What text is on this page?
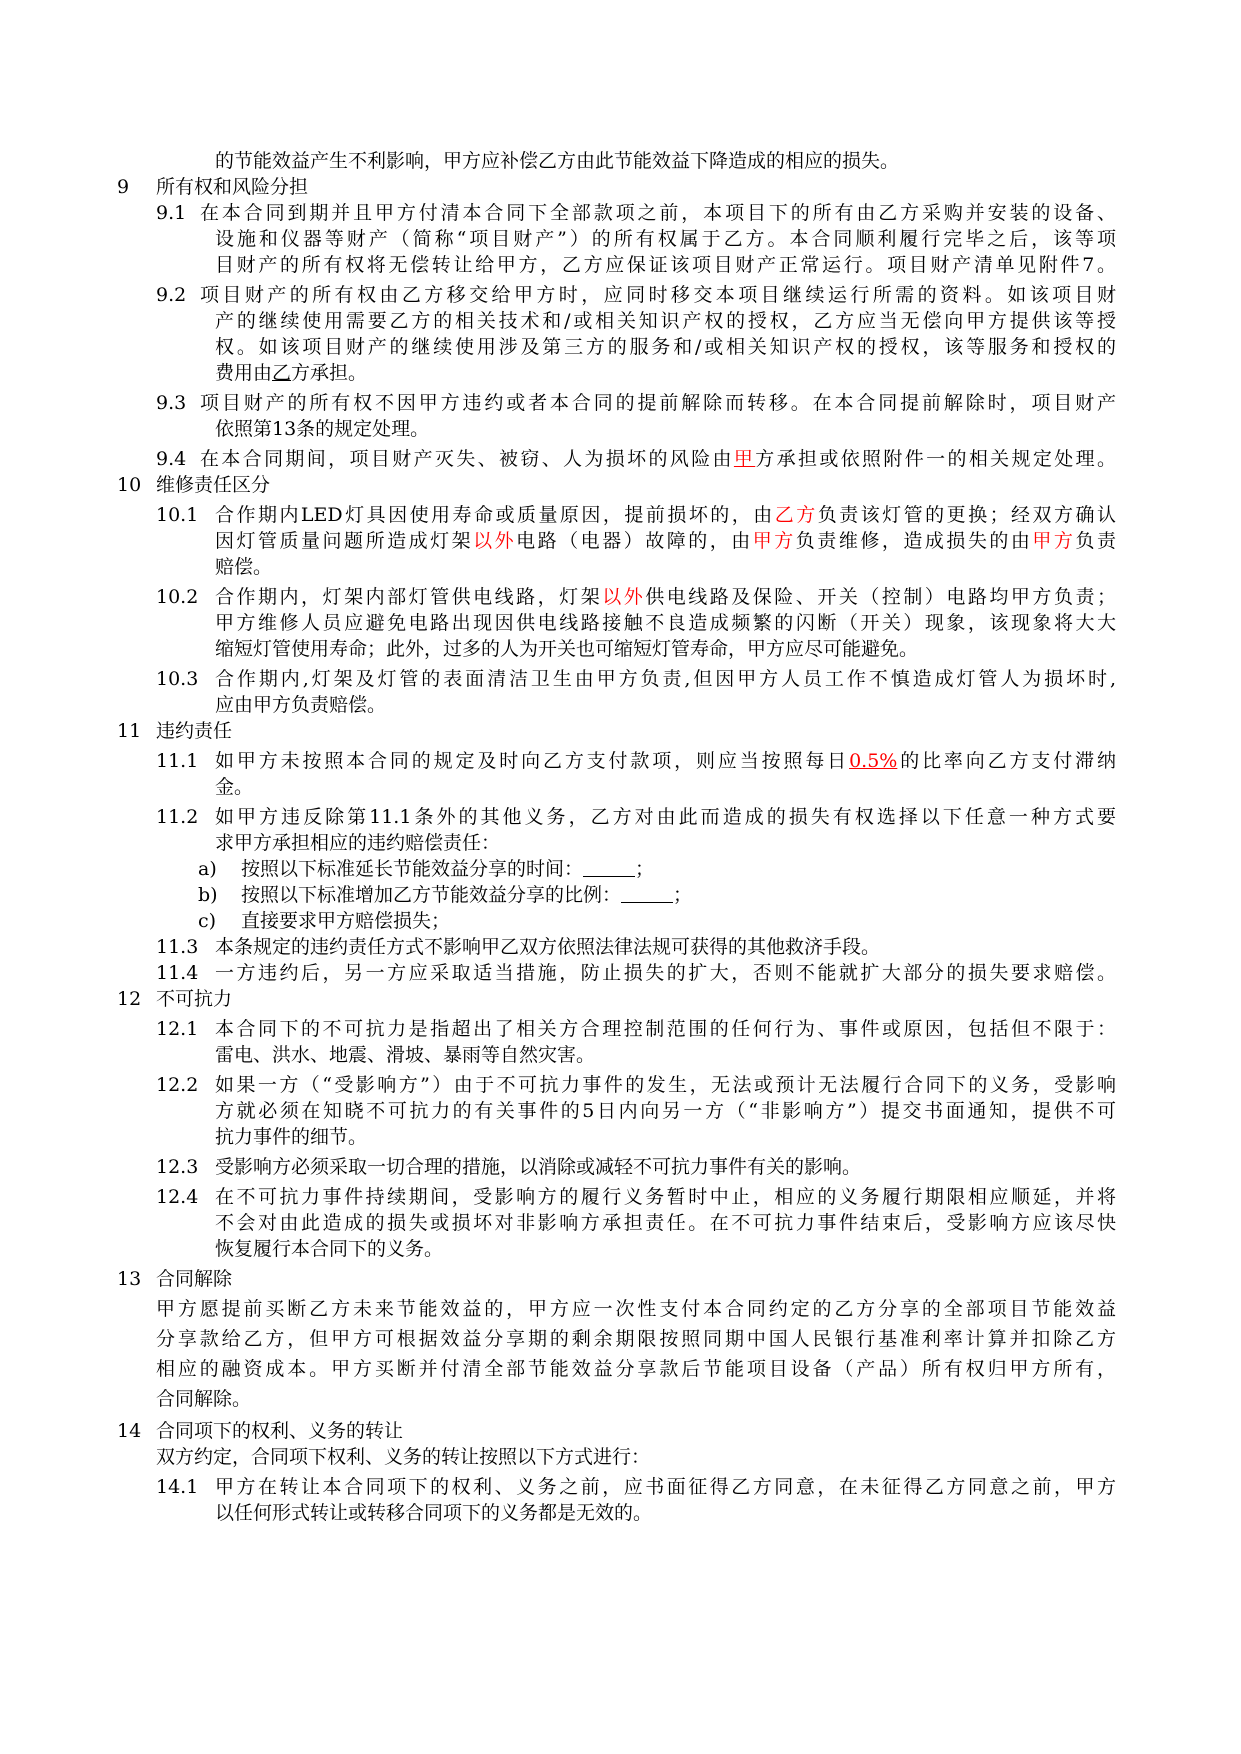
的节能效益产生不利影响，甲方应补偿乙方由此节能效益下降造成的相应的损失。
9 所有权和风险分担
9.1 在本合同到期并且甲方付清本合同下全部款项之前，本项目下的所有由乙方采购并安装的设备、
设施和仪器等财产（简称“项目财产”）的所有权属于乙方。本合同顺利履行完毕之后，该等项
目财产的所有权将无偿转让给甲方，乙方应保证该项目财产正常运行。项目财产清单见附件7。
9.2 项目财产的所有权由乙方移交给甲方时，应同时移交本项目继续运行所需的资料。如该项目财
产的继续使用需要乙方的相关技术和/或相关知识产权的授权，乙方应当无偿向甲方提供该等授
权。如该项目财产的继续使用涉及第三方的服务和/或相关知识产权的授权，该等服务和授权的
费用由乙方承担。
9.3 项目财产的所有权不因甲方违约或者本合同的提前解除而转移。在本合同提前解除时，项目财产
依照第13条的规定处理。
9.4 在本合同期间，项目财产灭失、被窃、人为损坏的风险由甲方承担或依照附件一的相关规定处理。
10 维修责任区分
10.1 合作期内LED灯具因使用寿命或质量原因，提前损坏的，由乙方负责该灯管的更换；经双方确认
因灯管质量问题所造成灯架以外电路（电器）故障的，由甲方负责维修，造成损失的由甲方负责
赔偿。
10.2 合作期内，灯架内部灯管供电线路，灯架以外供电线路及保险、开关（控制）电路均甲方负责；
甲方维修人员应避免电路出现因供电线路接触不良造成频繁的闪断（开关）现象，该现象将大大
缩短灯管使用寿命；此外，过多的人为开关也可缩短灯管寿命，甲方应尽可能避免。
10.3 合作期内,灯架及灯管的表面清洁卫生由甲方负责,但因甲方人员工作不慎造成灯管人为损坏时,
应由甲方负责赔偿。
11 违约责任
11.1 如甲方未按照本合同的规定及时向乙方支付款项，则应当按照每日0.5%的比率向乙方支付滞纳
金。
11.2 如甲方违反除第11.1条外的其他义务，乙方对由此而造成的损失有权选择以下任意一种方式要
求甲方承担相应的违约赔偿责任：
a) 按照以下标准延长节能效益分享的时间：	；
b) 按照以下标准增加乙方节能效益分享的比例：	；
c) 直接要求甲方赔偿损失；
11.3 本条规定的违约责任方式不影响甲乙双方依照法律法规可获得的其他救济手段。
11.4 一方违约后，另一方应采取适当措施，防止损失的扩大，否则不能就扩大部分的损失要求赔偿。
12 不可抗力
12.1 本合同下的不可抗力是指超出了相关方合理控制范围的任何行为、事件或原因，包括但不限于：
雷电、洪水、地震、滑坡、暴雨等自然灾害。
12.2 如果一方（“受影响方”）由于不可抗力事件的发生，无法或预计无法履行合同下的义务，受影响
方就必须在知晓不可抗力的有关事件的5日内向另一方（“非影响方”）提交书面通知，提供不可
抗力事件的细节。
12.3 受影响方必须采取一切合理的措施，以消除或减轻不可抗力事件有关的影响。
12.4 在不可抗力事件持续期间，受影响方的履行义务暂时中止，相应的义务履行期限相应顺延，并将
不会对由此造成的损失或损坏对非影响方承担责任。在不可抗力事件结束后，受影响方应该尽快
恢复履行本合同下的义务。
13 合同解除
甲方愿提前买断乙方未来节能效益的，甲方应一次性支付本合同约定的乙方分享的全部项目节能效益
分享款给乙方，但甲方可根据效益分享期的剩余期限按照同期中国人民银行基准利率计算并扣除乙方
相应的融资成本。甲方买断并付清全部节能效益分享款后节能项目设备（产品）所有权归甲方所有，
合同解除。
14 合同项下的权利、义务的转让
双方约定，合同项下权利、义务的转让按照以下方式进行：
14.1 甲方在转让本合同项下的权利、义务之前，应书面征得乙方同意，在未征得乙方同意之前，甲方
以任何形式转让或转移合同项下的义务都是无效的。
